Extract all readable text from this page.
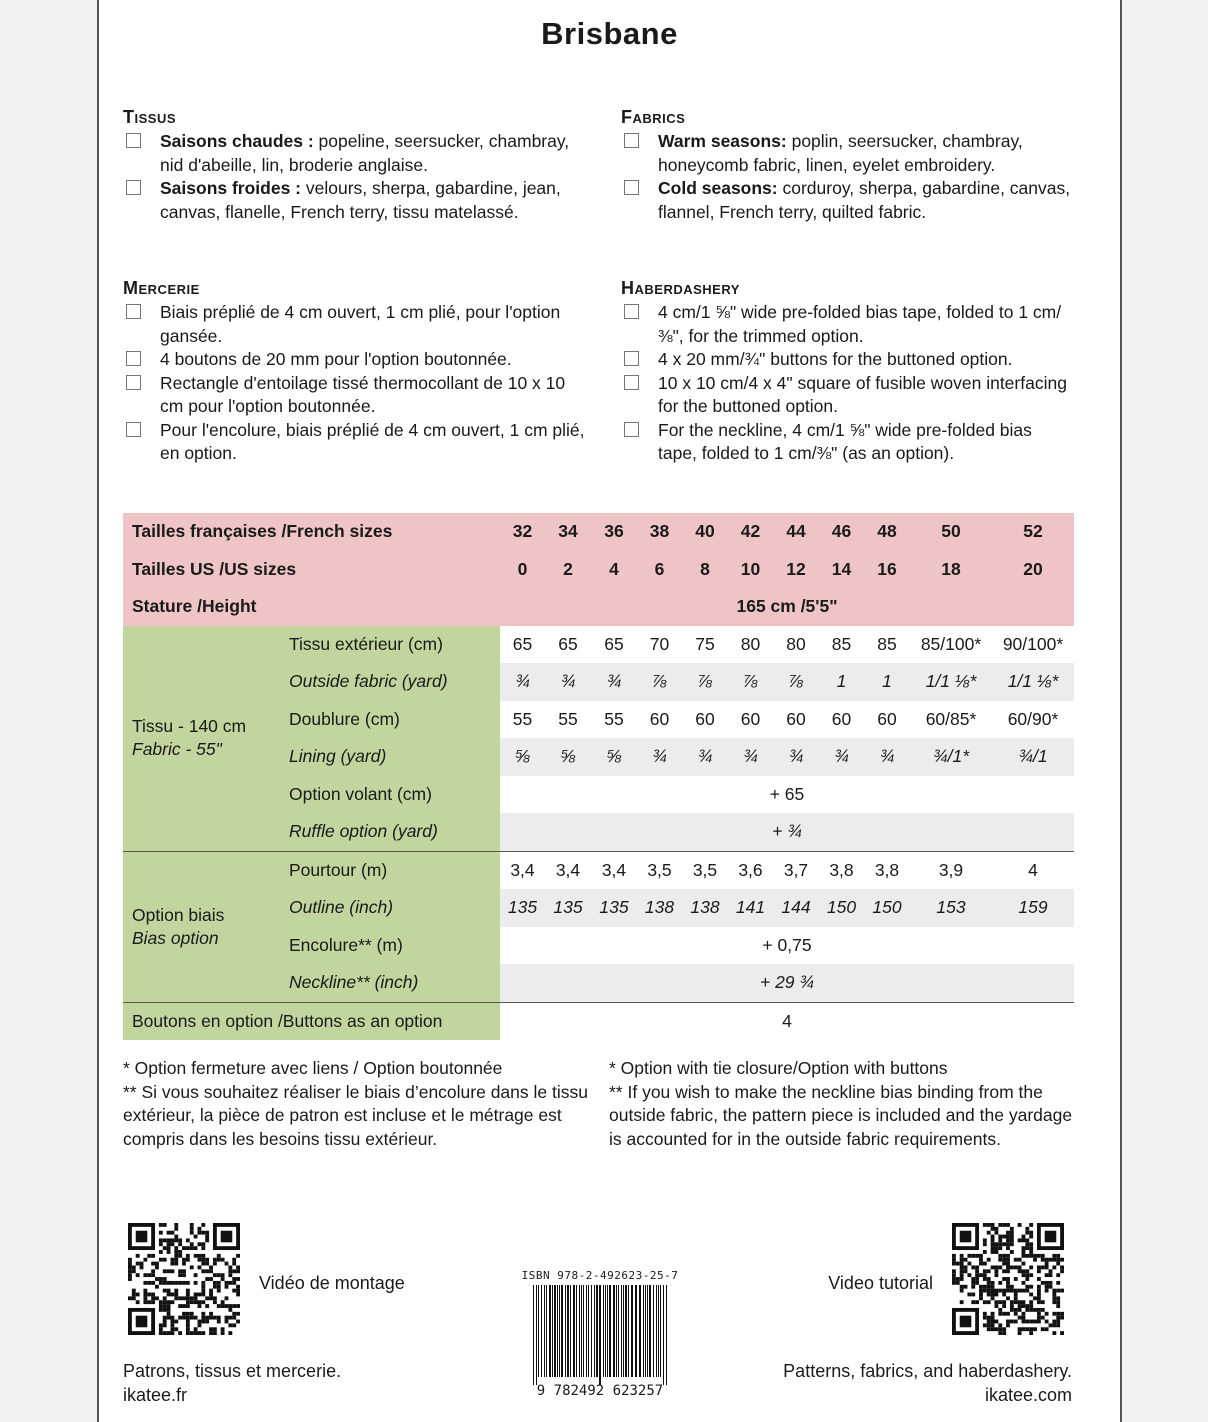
Brisbane
Tissus
Saisons chaudes : popeline, seersucker, chambray, nid d'abeille, lin, broderie anglaise.
Saisons froides : velours, sherpa, gabardine, jean, canvas, flanelle, French terry, tissu matelassé.
Fabrics
Warm seasons: poplin, seersucker, chambray, honeycomb fabric, linen, eyelet embroidery.
Cold seasons: corduroy, sherpa, gabardine, canvas, flannel, French terry, quilted fabric.
Mercerie
Biais préplié de 4 cm ouvert, 1 cm plié, pour l'option gansée.
4 boutons de 20 mm pour l'option boutonnée.
Rectangle d'entoilage tissé thermocollant de 10 x 10 cm pour l'option boutonnée.
Pour l'encolure, biais préplié de 4 cm ouvert, 1 cm plié, en option.
Haberdashery
4 cm/1 ⅝" wide pre-folded bias tape, folded to 1 cm/⅜", for the trimmed option.
4 x 20 mm/¾" buttons for the buttoned option.
10 x 10 cm/4 x 4" square of fusible woven interfacing for the buttoned option.
For the neckline, 4 cm/1 ⅝" wide pre-folded bias tape, folded to 1 cm/⅜" (as an option).
Tailles françaises /French sizes		32	34	36	38	40	42	44	46	48	50	52
Tailles US /US sizes		0	2	4	6	8	10	12	14	16	18	20
Stature /Height		165 cm /5'5"										
Tissu - 140 cm
Fabric - 55"	Tissu extérieur (cm)	65	65	65	70	75	80	80	85	85	85/100*	90/100*
	Outside fabric (yard)	¾	¾	¾	⅞	⅞	⅞	⅞	1	1	1/1 ⅛*	1/1 ⅛*
	Doublure (cm)	55	55	55	60	60	60	60	60	60	60/85*	60/90*
	Lining (yard)	⅝	⅝	⅝	¾	¾	¾	¾	¾	¾	¾/1*	¾/1
	Option volant (cm)	+ 65										
	Ruffle option (yard)	+ ¾										
Option biais
Bias option	Pourtour (m)	3,4	3,4	3,4	3,5	3,5	3,6	3,7	3,8	3,8	3,9	4
	Outline (inch)	135	135	135	138	138	141	144	150	150	153	159
	Encolure** (m)	+ 0,75										
	Neckline** (inch)	+ 29 ¾										
Boutons en option /Buttons as an option		4										
* Option fermeture avec liens / Option boutonnée
** Si vous souhaitez réaliser le biais d’encolure dans le tissu extérieur, la pièce de patron est incluse et le métrage est compris dans les besoins tissu extérieur.
* Option with tie closure/Option with buttons
** If you wish to make the neckline bias binding from the outside fabric, the pattern piece is included and the yardage is accounted for in the outside fabric requirements.
Vidéo de montage	Video tutorial
ISBN 978-2-492623-25-7
9 782492 623257
Patrons, tissus et mercerie.
ikatee.fr
Patterns, fabrics, and haberdashery.
ikatee.com
